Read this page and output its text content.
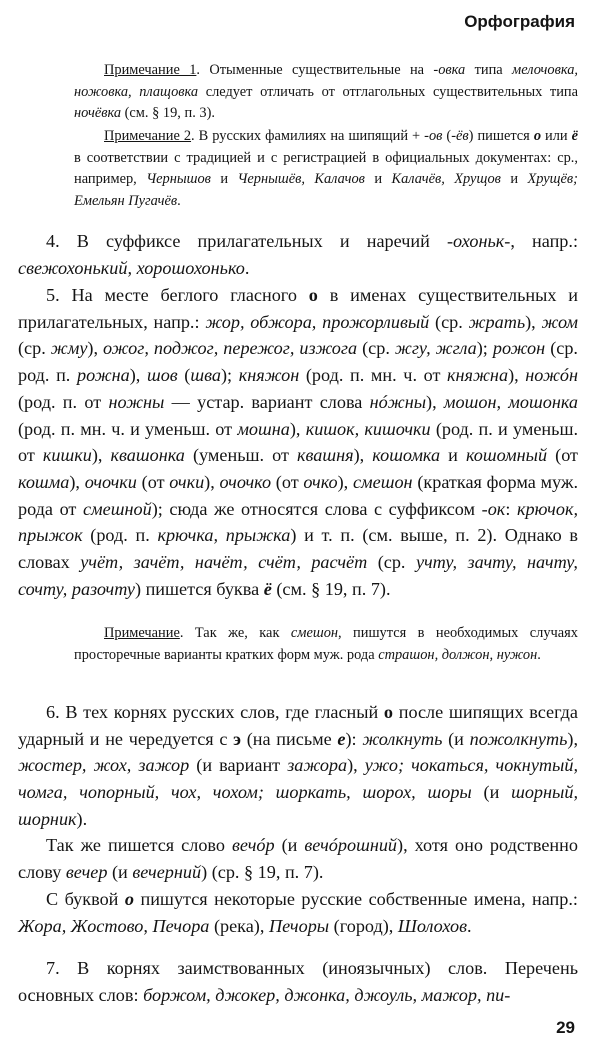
Орфография
Примечание 1. Отыменные существительные на -овка типа мелочовка, ножовка, плащовка следует отличать от отглагольных существительных типа ночёвка (см. § 19, п. 3).
Примечание 2. В русских фамилиях на шипящий + -ов (-ёв) пишется о или ё в соответствии с традицией и с регистрацией в официальных документах: ср., например, Чернышов и Чернышёв, Калачов и Калачёв, Хрущов и Хрущёв; Емельян Пугачёв.
4. В суффиксе прилагательных и наречий -охоньк-, напр.: свежохонький, хорошохонько.
5. На месте беглого гласного о в именах существительных и прилагательных, напр.: жор, обжора, прожорливый (ср. жрать), жом (ср. жму), ожог, поджог, пережог, изжога (ср. жгу, жгла); рожон (ср. род. п. рожна), шов (шва); княжон (род. п. мн. ч. от княжна), ножóн (род. п. от ножны — устар. вариант слова нóжны), мошон, мошонка (род. п. мн. ч. и уменьш. от мошна), кишок, кишочки (род. п. и уменьш. от кишки), квашонка (уменьш. от квашня), кошомка и кошомный (от кошма), очочки (от очки), очочко (от очко), смешон (краткая форма муж. рода от смешной); сюда же относятся слова с суффиксом -ок: крючок, прыжок (род. п. крючка, прыжка) и т. п. (см. выше, п. 2). Однако в словах учёт, зачёт, начёт, счёт, расчёт (ср. учту, зачту, начту, сочту, разочту) пишется буква ё (см. § 19, п. 7).
Примечание. Так же, как смешон, пишутся в необходимых случаях просторечные варианты кратких форм муж. рода страшон, должон, нужон.
6. В тех корнях русских слов, где гласный о после шипящих всегда ударный и не чередуется с э (на письме е): жолкнуть (и пожолкнуть), жостер, жох, зажор (и вариант зажора), ужо; чокаться, чокнутый, чомга, чопорный, чох, чохом; шоркать, шорох, шоры (и шорный, шорник).
Так же пишется слово вечóр (и вечóрошний), хотя оно родственно слову вечер (и вечерний) (ср. § 19, п. 7).
С буквой о пишутся некоторые русские собственные имена, напр.: Жора, Жостово, Печора (река), Печоры (город), Шолохов.
7. В корнях заимствованных (иноязычных) слов. Перечень основных слов: боржом, джокер, джонка, джоуль, мажор, пи-
29
